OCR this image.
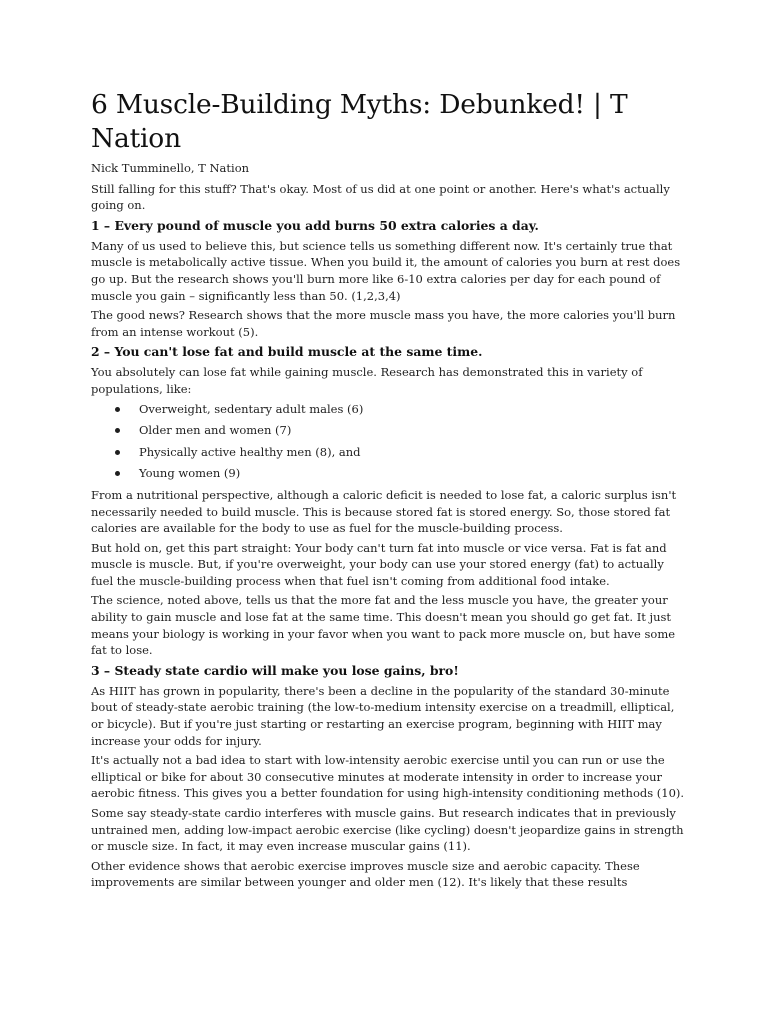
6 Muscle-Building Myths: Debunked! | T Nation
Nick Tumminello, T Nation
Still falling for this stuff? That's okay. Most of us did at one point or another. Here's what's actually going on.
1 – Every pound of muscle you add burns 50 extra calories a day.
Many of us used to believe this, but science tells us something different now. It's certainly true that muscle is metabolically active tissue. When you build it, the amount of calories you burn at rest does go up. But the research shows you'll burn more like 6-10 extra calories per day for each pound of muscle you gain – significantly less than 50. (1,2,3,4)
The good news? Research shows that the more muscle mass you have, the more calories you'll burn from an intense workout (5).
2 – You can't lose fat and build muscle at the same time.
You absolutely can lose fat while gaining muscle. Research has demonstrated this in variety of populations, like:
Overweight, sedentary adult males (6)
Older men and women (7)
Physically active healthy men (8), and
Young women (9)
From a nutritional perspective, although a caloric deficit is needed to lose fat, a caloric surplus isn't necessarily needed to build muscle. This is because stored fat is stored energy. So, those stored fat calories are available for the body to use as fuel for the muscle-building process.
But hold on, get this part straight: Your body can't turn fat into muscle or vice versa. Fat is fat and muscle is muscle. But, if you're overweight, your body can use your stored energy (fat) to actually fuel the muscle-building process when that fuel isn't coming from additional food intake.
The science, noted above, tells us that the more fat and the less muscle you have, the greater your ability to gain muscle and lose fat at the same time. This doesn't mean you should go get fat. It just means your biology is working in your favor when you want to pack more muscle on, but have some fat to lose.
3 – Steady state cardio will make you lose gains, bro!
As HIIT has grown in popularity, there's been a decline in the popularity of the standard 30-minute bout of steady-state aerobic training (the low-to-medium intensity exercise on a treadmill, elliptical, or bicycle). But if you're just starting or restarting an exercise program, beginning with HIIT may increase your odds for injury.
It's actually not a bad idea to start with low-intensity aerobic exercise until you can run or use the elliptical or bike for about 30 consecutive minutes at moderate intensity in order to increase your aerobic fitness. This gives you a better foundation for using high-intensity conditioning methods (10).
Some say steady-state cardio interferes with muscle gains. But research indicates that in previously untrained men, adding low-impact aerobic exercise (like cycling) doesn't jeopardize gains in strength or muscle size. In fact, it may even increase muscular gains (11).
Other evidence shows that aerobic exercise improves muscle size and aerobic capacity. These improvements are similar between younger and older men (12). It's likely that these results
